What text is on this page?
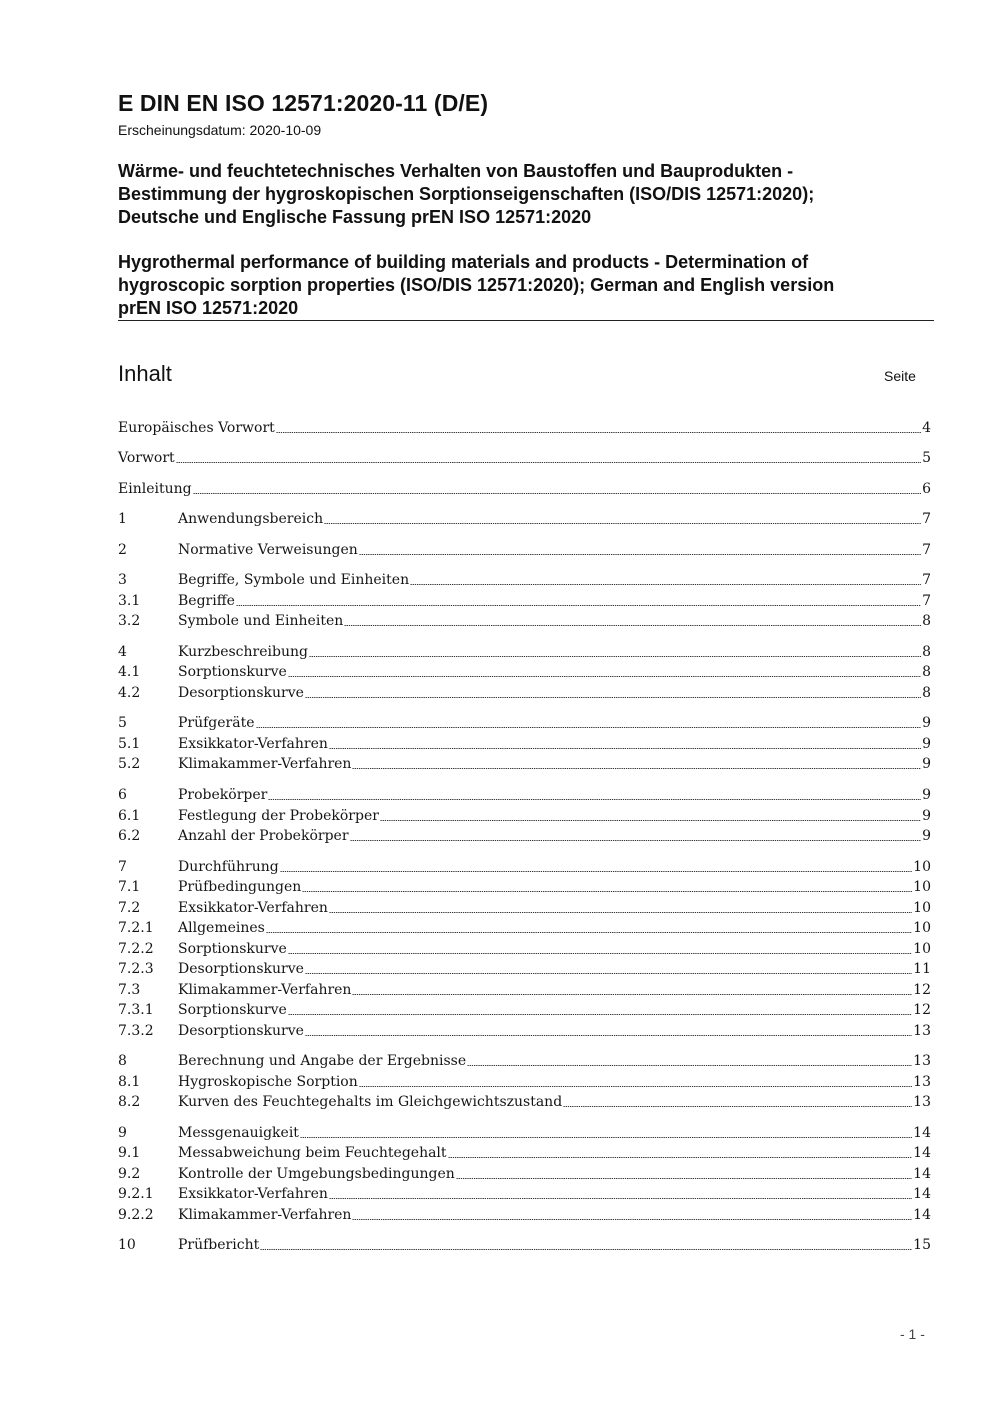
E DIN EN ISO 12571:2020-11 (D/E)
Erscheinungsdatum: 2020-10-09
Wärme- und feuchtetechnisches Verhalten von Baustoffen und Bauprodukten -
Bestimmung der hygroskopischen Sorptionseigenschaften (ISO/DIS 12571:2020);
Deutsche und Englische Fassung prEN ISO 12571:2020
Hygrothermal performance of building materials and products - Determination of
hygroscopic sorption properties (ISO/DIS 12571:2020); German and English version
prEN ISO 12571:2020
Inhalt	Seite
Europäisches Vorwort	4
Vorwort	5
Einleitung	6
1	Anwendungsbereich	7
2	Normative Verweisungen	7
3	Begriffe, Symbole und Einheiten	7
3.1	Begriffe	7
3.2	Symbole und Einheiten	8
4	Kurzbeschreibung	8
4.1	Sorptionskurve	8
4.2	Desorptionskurve	8
5	Prüfgeräte	9
5.1	Exsikkator-Verfahren	9
5.2	Klimakammer-Verfahren	9
6	Probekörper	9
6.1	Festlegung der Probekörper	9
6.2	Anzahl der Probekörper	9
7	Durchführung	10
7.1	Prüfbedingungen	10
7.2	Exsikkator-Verfahren	10
7.2.1	Allgemeines	10
7.2.2	Sorptionskurve	10
7.2.3	Desorptionskurve	11
7.3	Klimakammer-Verfahren	12
7.3.1	Sorptionskurve	12
7.3.2	Desorptionskurve	13
8	Berechnung und Angabe der Ergebnisse	13
8.1	Hygroskopische Sorption	13
8.2	Kurven des Feuchtegehalts im Gleichgewichtszustand	13
9	Messgenauigkeit	14
9.1	Messabweichung beim Feuchtegehalt	14
9.2	Kontrolle der Umgebungsbedingungen	14
9.2.1	Exsikkator-Verfahren	14
9.2.2	Klimakammer-Verfahren	14
10	Prüfbericht	15
- 1 -
